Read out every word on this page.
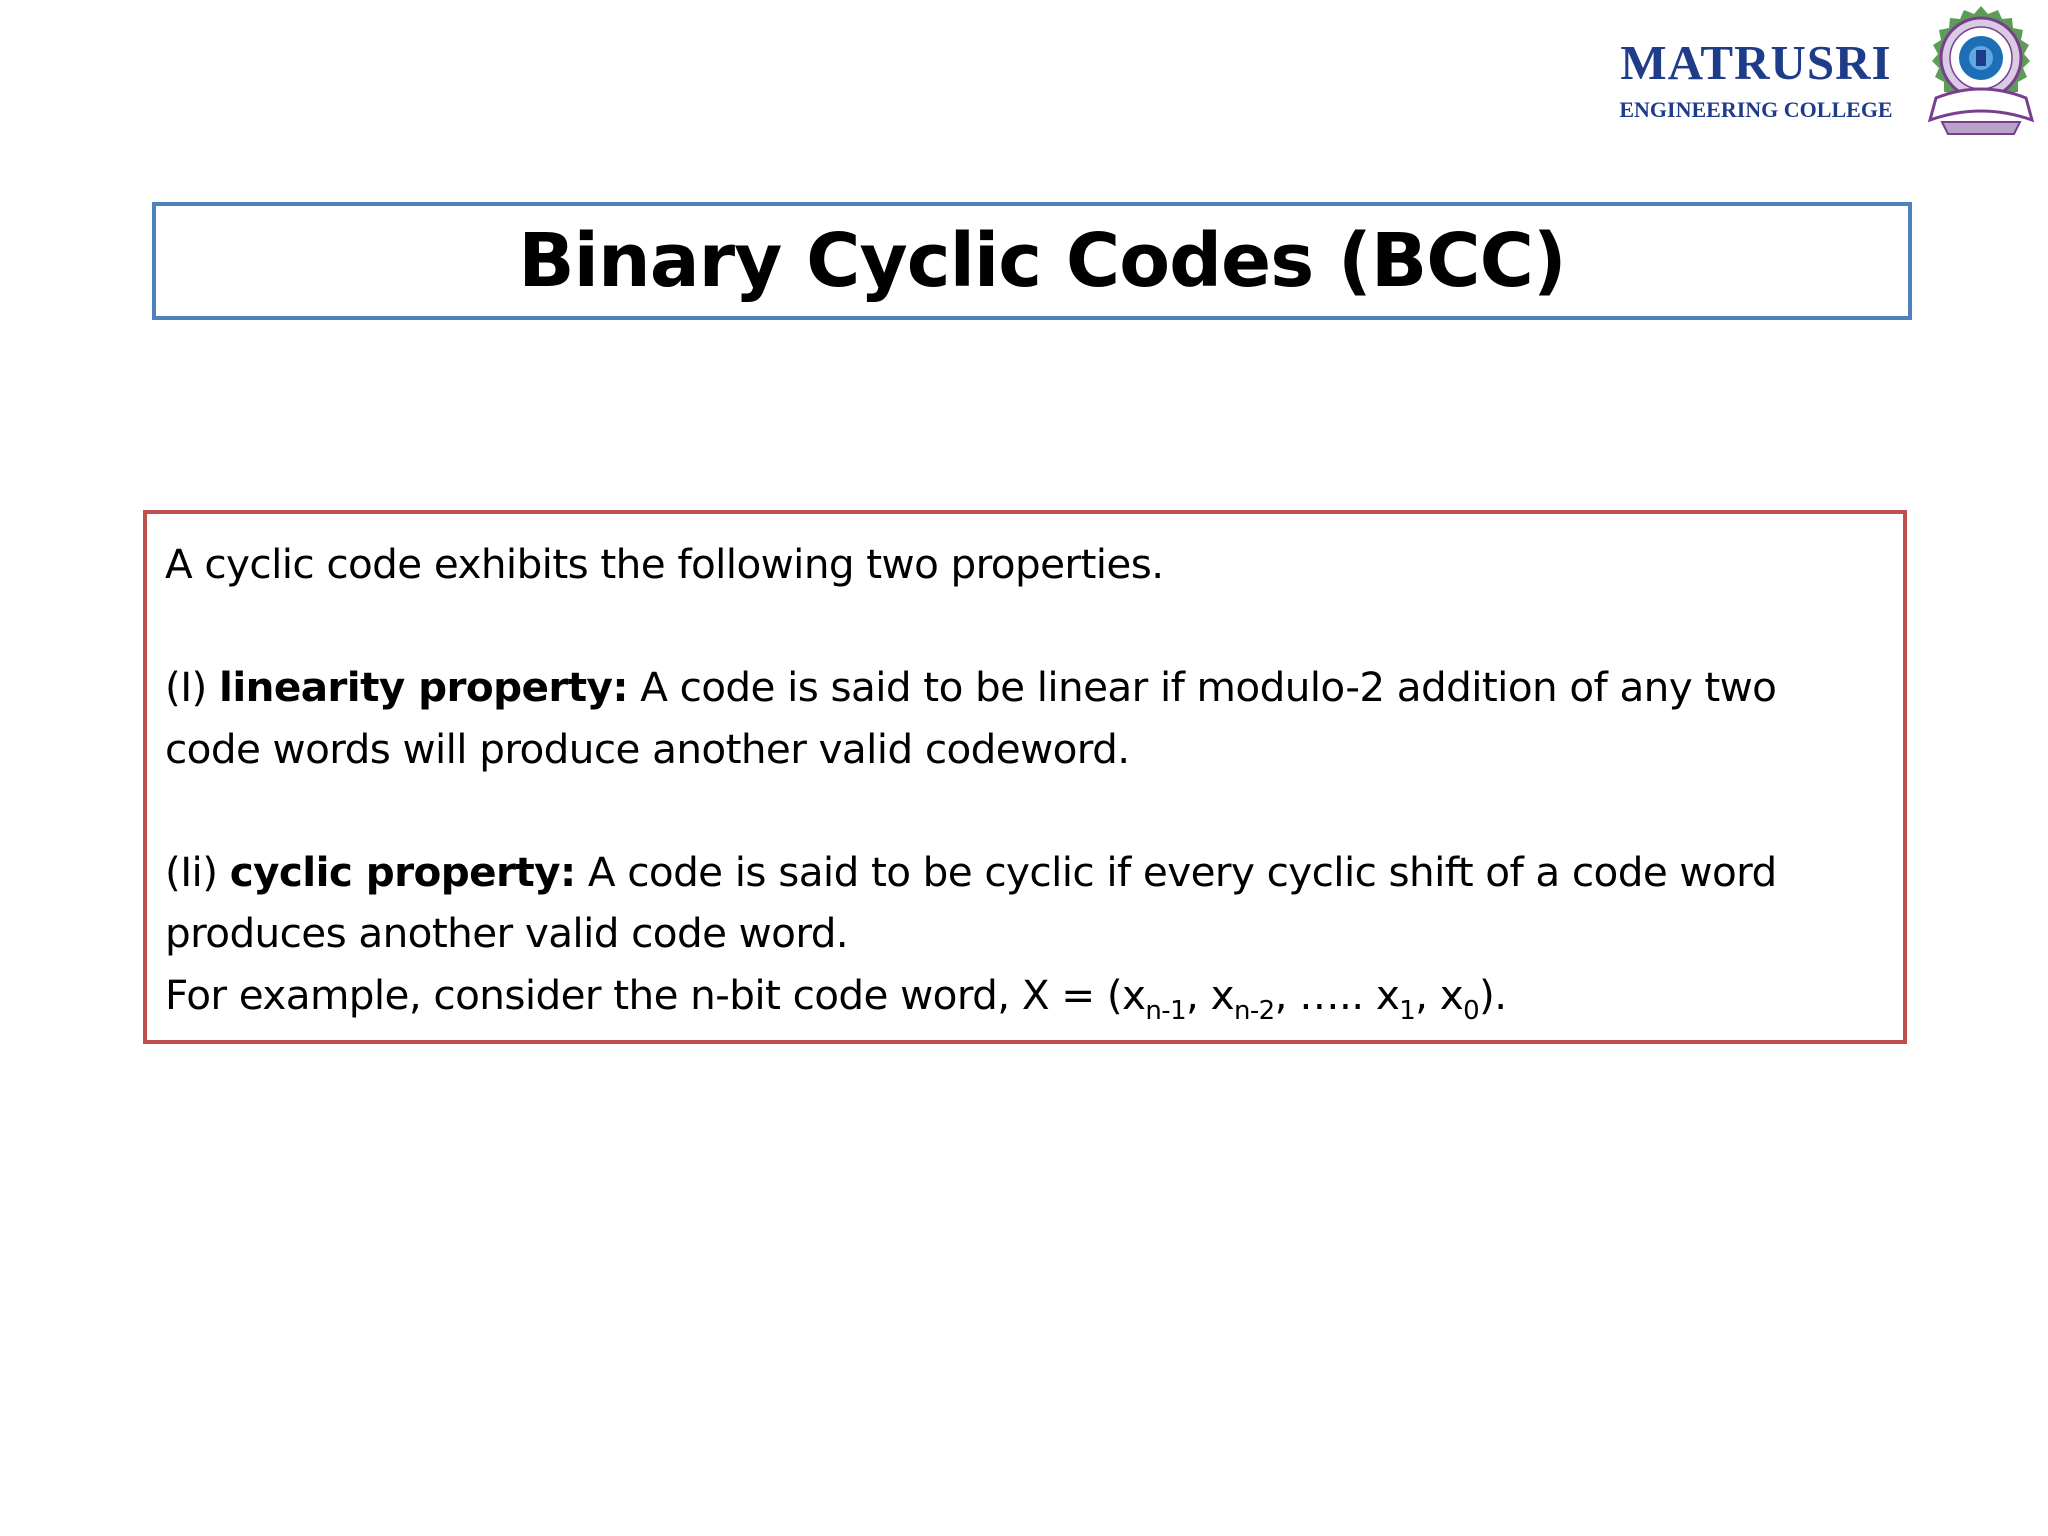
MATRUSRI
ENGINEERING COLLEGE
Binary Cyclic Codes (BCC)

A cyclic code exhibits the following two properties.

(I) linearity property: A code is said to be linear if modulo-2 addition of any two

code words will produce another valid codeword.

(Ii) cyclic property: A code is said to be cyclic if every cyclic shift of a code word

produces another valid code word.

For example, consider the n-bit code word, $X = (x_{n-1}$, $x_{n-2}$, ….. $x_1$, $x_0$).
